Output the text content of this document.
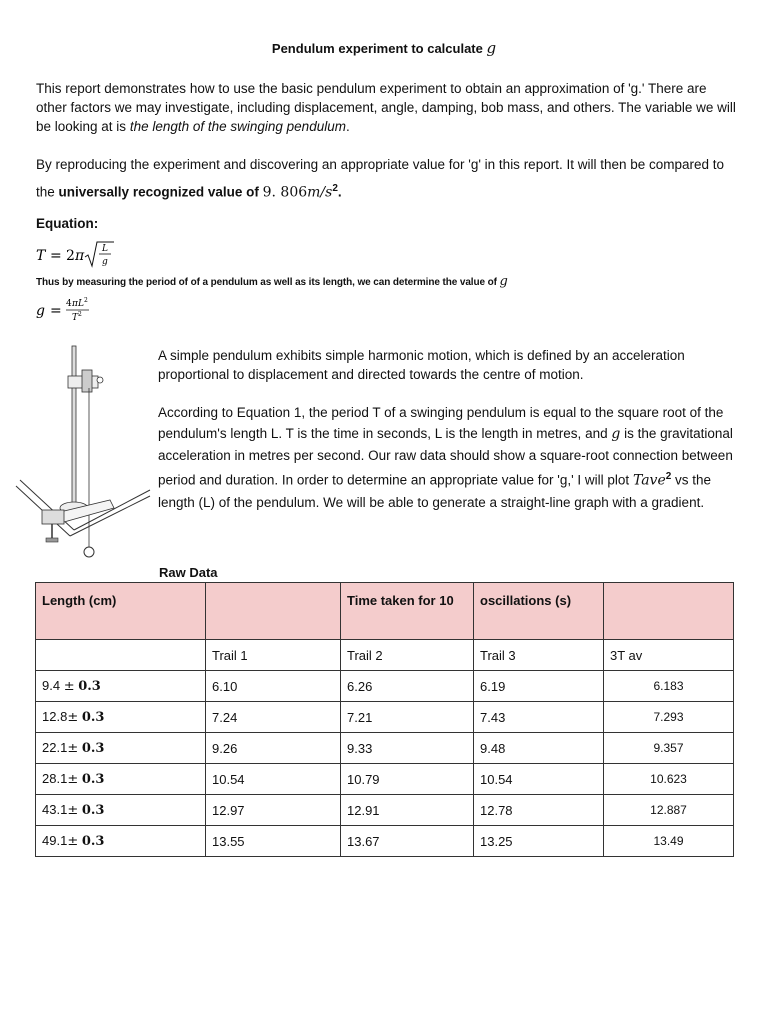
Pendulum experiment to calculate g
This report demonstrates how to use the basic pendulum experiment to obtain an approximation of 'g.' There are other factors we may investigate, including displacement, angle, damping, bob mass, and others. The variable we will be looking at is the length of the swinging pendulum.
By reproducing the experiment and discovering an appropriate value for 'g' in this report. It will then be compared to the universally recognized value of 9. $806m/s^2$.
Equation:
T = 2 π L
g
Thus by measuring the period of of a pendulum as well as its length, we can determine the value of g
g = 4 π L 2
T 2
A simple pendulum exhibits simple harmonic motion, which is defined by an acceleration proportional to displacement and directed towards the centre of motion.
According to Equation 1, the period T of a swinging pendulum is equal to the square root of the pendulum's length L. T is the time in seconds, L is the length in metres, and g is the gravitational acceleration in metres per second. Our raw data should show a square-root connection between period and duration. In order to determine an appropriate value for 'g,' I will plot Tave$^2$ vs the length (L) of the pendulum. We will be able to generate a straight-line graph with a gradient.
Raw Data
Length (cm)		Time taken for 10	oscillations (s)	
	Trail 1	Trail 2	Trail 3	3T av
9.4 ± 0.3	6.10	6.26	6.19	6.183
12.8± 0.3	7.24	7.21	7.43	7.293
22.1± 0.3	9.26	9.33	9.48	9.357
28.1± 0.3	10.54	10.79	10.54	10.623
43.1± 0.3	12.97	12.91	12.78	12.887
49.1± 0.3	13.55	13.67	13.25	13.49
